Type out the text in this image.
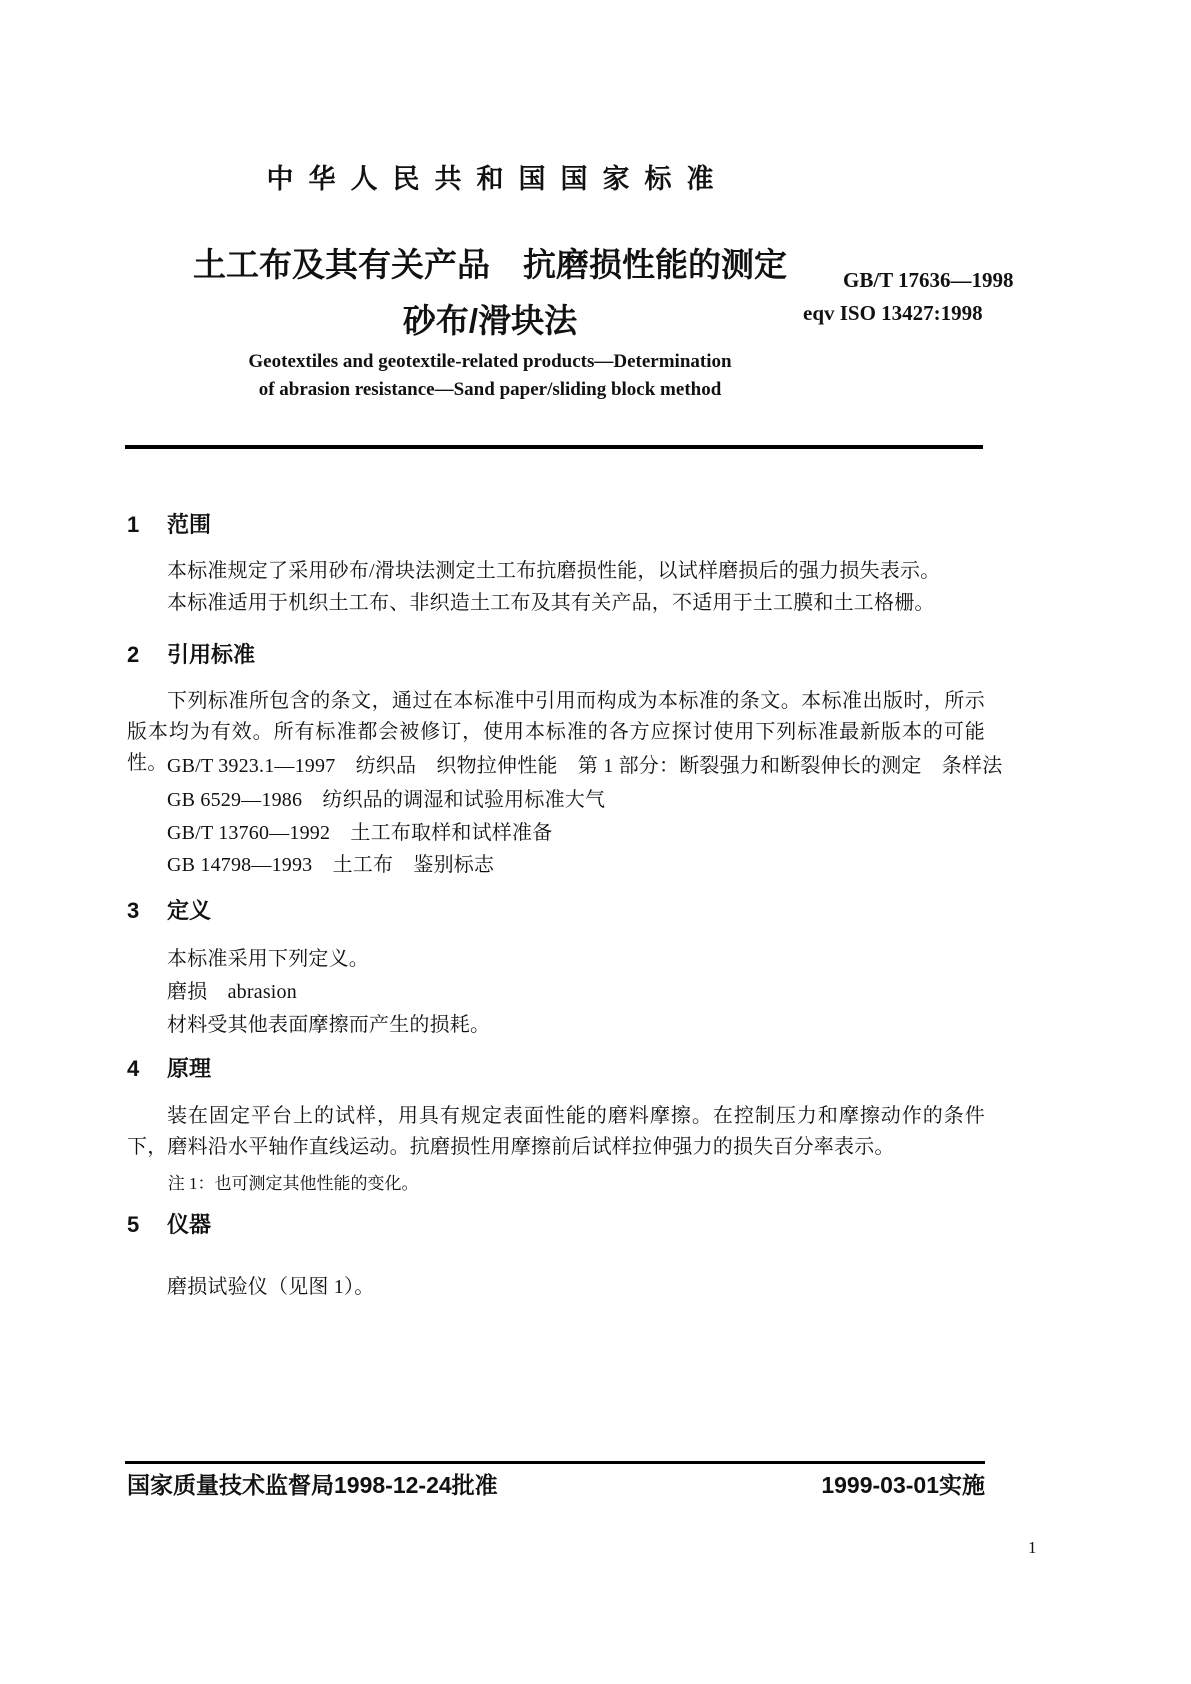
中华人民共和国国家标准
土工布及其有关产品　抗磨损性能的测定
砂布/滑块法
Geotextiles and geotextile-related products—Determination
of abrasion resistance—Sand paper/sliding block method
GB/T 17636—1998
eqv ISO 13427:1998
1 范围

本标准规定了采用砂布/滑块法测定土工布抗磨损性能，以试样磨损后的强力损失表示。

本标准适用于机织土工布、非织造土工布及其有关产品，不适用于土工膜和土工格栅。

2 引用标准

下列标准所包含的条文，通过在本标准中引用而构成为本标准的条文。本标准出版时，所示版本均为有效。所有标准都会被修订，使用本标准的各方应探讨使用下列标准最新版本的可能性。 GB/T 3923.1—1997　纺织品　织物拉伸性能　第 1 部分：断裂强力和断裂伸长的测定　条样法

GB 6529—1986　纺织品的调湿和试验用标准大气

GB/T 13760—1992　土工布取样和试样准备

GB 14798—1993　土工布　鉴别标志

3 定义

本标准采用下列定义。

磨损　abrasion

材料受其他表面摩擦而产生的损耗。

4 原理

装在固定平台上的试样，用具有规定表面性能的磨料摩擦。在控制压力和摩擦动作的条件下，磨料沿水平轴作直线运动。抗磨损性用摩擦前后试样拉伸强力的损失百分率表示。

注 1：也可测定其他性能的变化。

5 仪器

磨损试验仪（见图 1）。

国家质量技术监督局1998-12-24批准	1999-03-01实施
1
